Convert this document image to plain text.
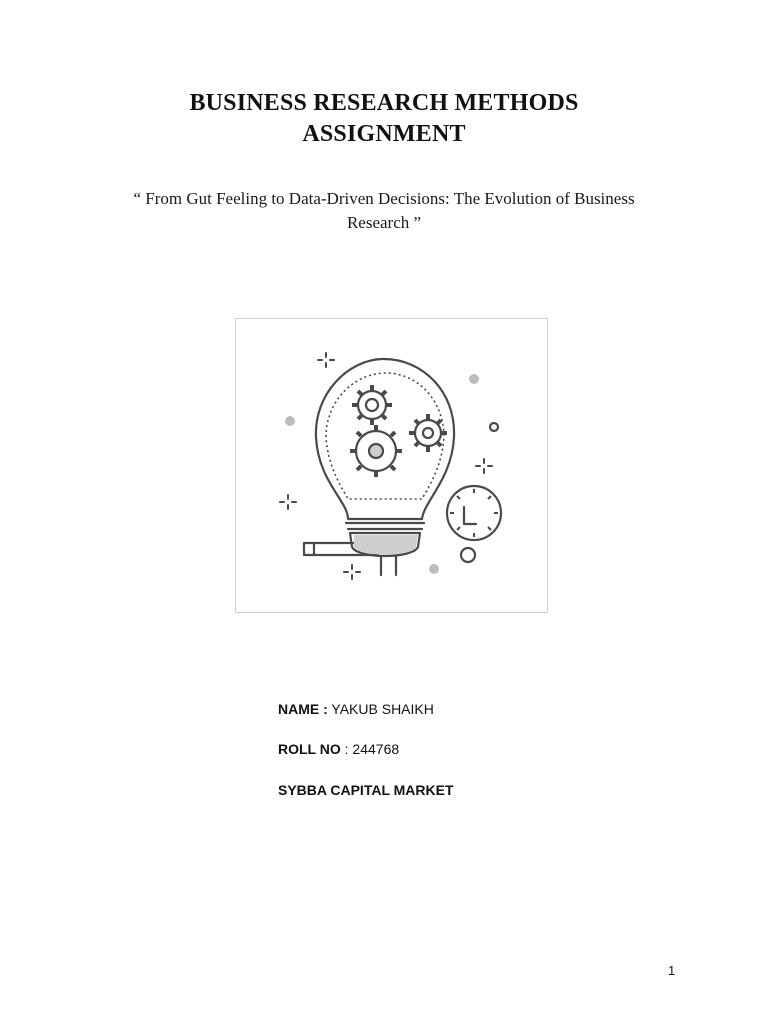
BUSINESS RESEARCH METHODS
ASSIGNMENT
“ From Gut Feeling to Data-Driven Decisions: The Evolution of Business
Research ”
NAME : YAKUB SHAIKH
ROLL NO : 244768
SYBBA CAPITAL MARKET
1
